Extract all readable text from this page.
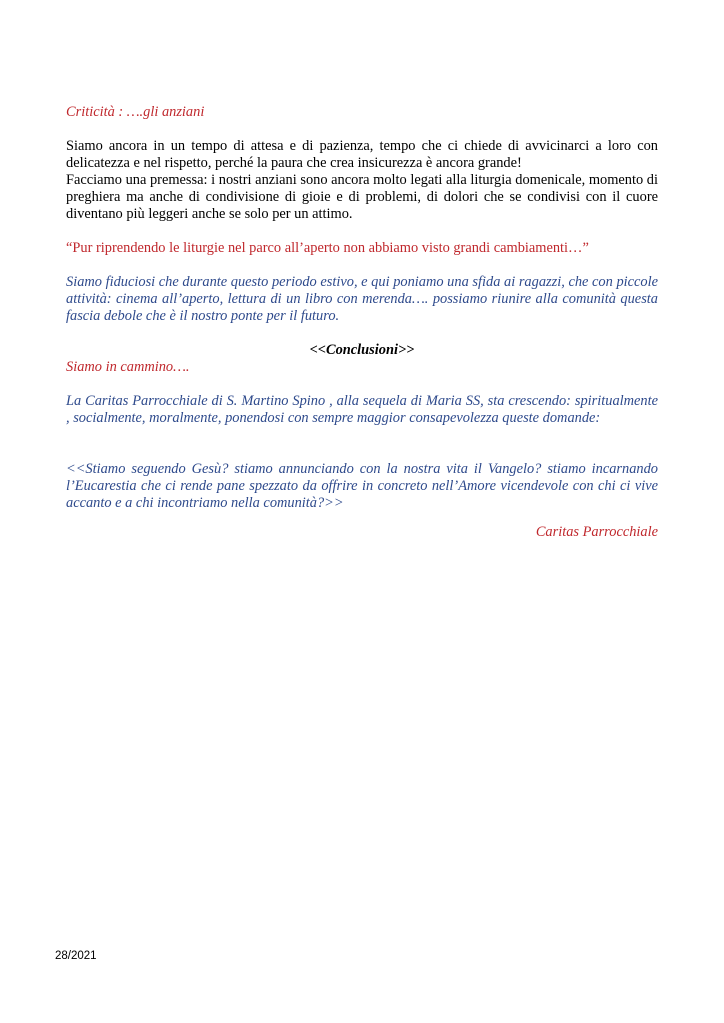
Criticità : ….gli anziani

Siamo ancora in un tempo di attesa e di pazienza, tempo che ci chiede di avvicinarci a loro con delicatezza e nel rispetto, perché la paura che crea insicurezza è ancora grande!

Facciamo una premessa: i nostri anziani sono ancora molto legati alla liturgia domenicale, momento di preghiera ma anche di condivisione di gioie e di problemi, di dolori che se condivisi con il cuore diventano più leggeri anche se solo per un attimo.

“Pur riprendendo le liturgie nel parco all’aperto non abbiamo visto grandi cambiamenti…”

Siamo fiduciosi che durante questo periodo estivo, e qui poniamo una sfida ai ragazzi, che con piccole attività: cinema all’aperto, lettura di un libro con merenda…. possiamo riunire alla comunità questa fascia debole che è il nostro ponte per il futuro.

<<Conclusioni>>

Siamo in cammino….

La Caritas Parrocchiale di S. Martino Spino , alla sequela di Maria SS, sta crescendo: spiritualmente , socialmente, moralmente, ponendosi con sempre maggior consapevolezza queste domande:

<<Stiamo seguendo Gesù? stiamo annunciando con la nostra vita il Vangelo? stiamo incarnando l’Eucarestia che ci rende pane spezzato da offrire in concreto nell’Amore vicendevole con chi ci vive accanto e a chi incontriamo nella comunità?>>

Caritas Parrocchiale

28/2021
